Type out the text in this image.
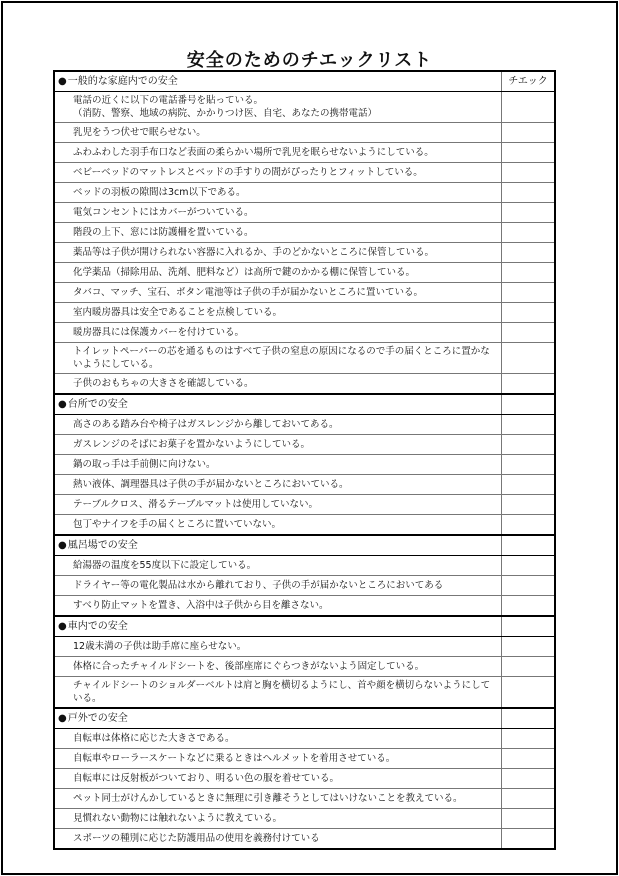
安全のためのチエックリスト
●一般的な家庭内での安全	チエック
電話の近くに以下の電話番号を貼っている。
（消防、警察、地域の病院、かかりつけ医、自宅、あなたの携帯電話）	
乳児をうつ伏せで眠らせない。	
ふわふわした羽手布口など表面の柔らかい場所で乳児を眠らせないようにしている。	
ベビーベッドのマットレスとベッドの手すりの間がぴったりとフィットしている。	
ベッドの羽板の隙間は3cm以下である。	
電気コンセントにはカバーがついている。	
階段の上下、窓には防護柵を置いている。	
薬品等は子供が開けられない容器に入れるか、手のどかないところに保管している。	
化学薬品（掃除用品、洗剤、肥料など）は高所で鍵のかかる棚に保管している。	
タバコ、マッチ、宝石、ボタン電池等は子供の手が届かないところに置いている。	
室内暖房器具は安全であることを点検している。	
暖房器具には保護カバーを付けている。	
トイレットペーパーの芯を通るものはすべて子供の窒息の原因になるので手の届くところに置かないようにしている。	
子供のおもちゃの大きさを確認している。	
●台所での安全	
高さのある踏み台や椅子はガスレンジから離しておいてある。	
ガスレンジのそばにお菓子を置かないようにしている。	
鍋の取っ手は手前側に向けない。	
熱い液体、調理器具は子供の手が届かないところにおいている。	
テーブルクロス、滑るテーブルマットは使用していない。	
包丁やナイフを手の届くところに置いていない。	
●風呂場での安全	
給湯器の温度を55度以下に設定している。	
ドライヤー等の電化製品は水から離れており、子供の手が届かないところにおいてある	
すべり防止マットを置き、入浴中は子供から目を離さない。	
●車内での安全	
12歳未満の子供は助手席に座らせない。	
体格に合ったチャイルドシートを、後部座席にぐらつきがないよう固定している。	
チャイルドシートのショルダーベルトは肩と胸を横切るようにし、首や顔を横切らないようにしている。	
●戸外での安全	
自転車は体格に応じた大きさである。	
自転車やローラースケートなどに乗るときはヘルメットを着用させている。	
自転車には反射板がついており、明るい色の服を着せている。	
ペット同士がけんかしているときに無理に引き離そうとしてはいけないことを教えている。	
見慣れない動物には触れないように教えている。	
スポーツの種別に応じた防護用品の使用を義務付けている	
